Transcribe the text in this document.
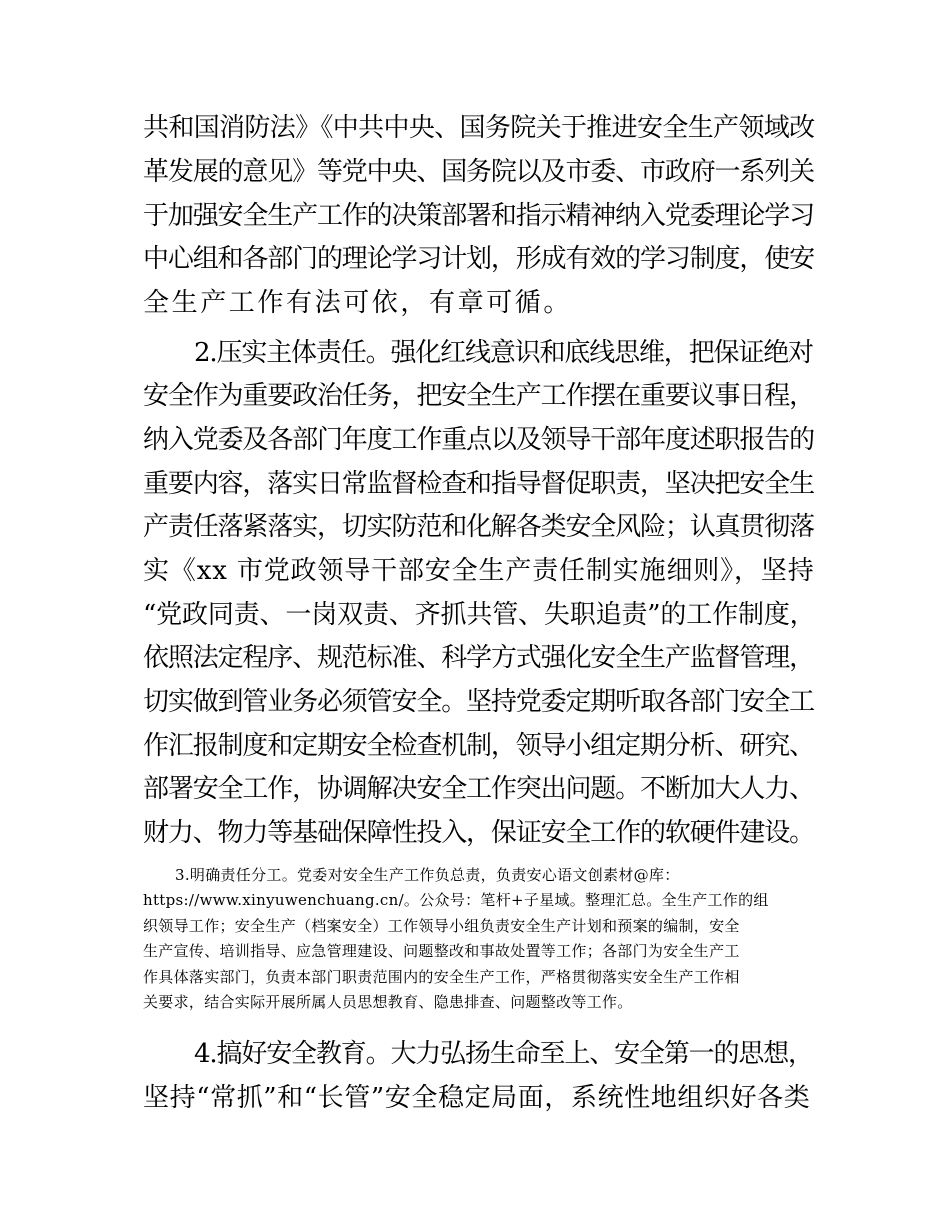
共和国消防法》《中共中央、国务院关于推进安全生产领域改
革发展的意见》等党中央、国务院以及市委、市政府一系列关
于加强安全生产工作的决策部署和指示精神纳入党委理论学习
中心组和各部门的理论学习计划，形成有效的学习制度，使安
全生产工作有法可依，有章可循。
2.压实主体责任。强化红线意识和底线思维，把保证绝对
安全作为重要政治任务，把安全生产工作摆在重要议事日程，
纳入党委及各部门年度工作重点以及领导干部年度述职报告的
重要内容，落实日常监督检查和指导督促职责，坚决把安全生
产责任落紧落实，切实防范和化解各类安全风险；认真贯彻落
实《xx 市党政领导干部安全生产责任制实施细则》，坚持
“党政同责、一岗双责、齐抓共管、失职追责”的工作制度，
依照法定程序、规范标准、科学方式强化安全生产监督管理，
切实做到管业务必须管安全。坚持党委定期听取各部门安全工
作汇报制度和定期安全检查机制，领导小组定期分析、研究、
部署安全工作，协调解决安全工作突出问题。不断加大人力、
财力、物力等基础保障性投入，保证安全工作的软硬件建设。
3.明确责任分工。党委对安全生产工作负总责，负责安心语文创素材@库：
https://www.xinyuwenchuang.cn/。公众号：笔杆+子星域。整理汇总。全生产工作的组
织领导工作；安全生产（档案安全）工作领导小组负责安全生产计划和预案的编制，安全
生产宣传、培训指导、应急管理建设、问题整改和事故处置等工作；各部门为安全生产工
作具体落实部门，负责本部门职责范围内的安全生产工作，严格贯彻落实安全生产工作相
关要求，结合实际开展所属人员思想教育、隐患排查、问题整改等工作。
4.搞好安全教育。大力弘扬生命至上、安全第一的思想，
坚持“常抓”和“长管”安全稳定局面，系统性地组织好各类
